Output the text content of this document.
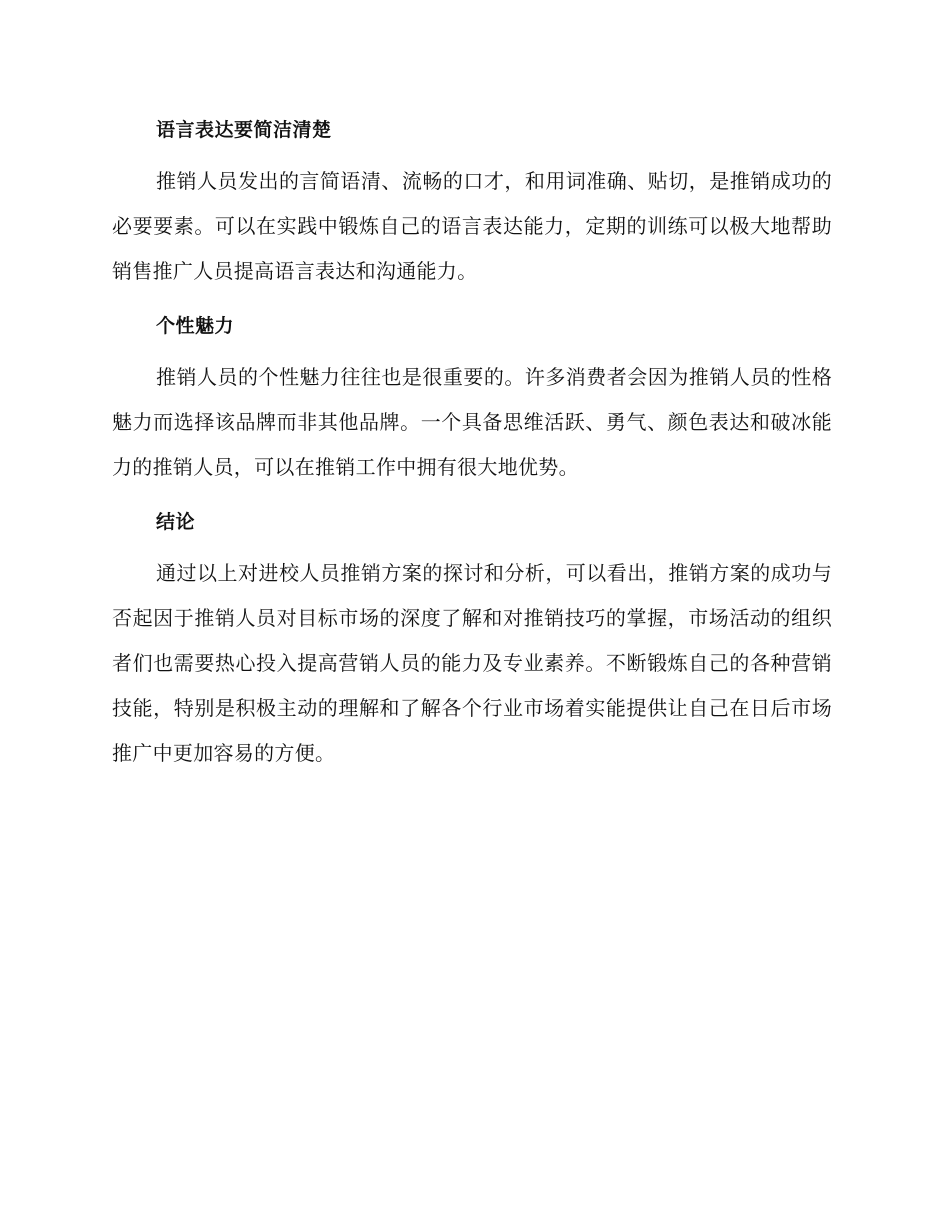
语言表达要简洁清楚

推销人员发出的言简语清、流畅的口才，和用词准确、贴切，是推销成功的必要要素。可以在实践中锻炼自己的语言表达能力，定期的训练可以极大地帮助销售推广人员提高语言表达和沟通能力。

个性魅力

推销人员的个性魅力往往也是很重要的。许多消费者会因为推销人员的性格魅力而选择该品牌而非其他品牌。一个具备思维活跃、勇气、颜色表达和破冰能力的推销人员，可以在推销工作中拥有很大地优势。

结论

通过以上对进校人员推销方案的探讨和分析，可以看出，推销方案的成功与否起因于推销人员对目标市场的深度了解和对推销技巧的掌握，市场活动的组织者们也需要热心投入提高营销人员的能力及专业素养。不断锻炼自己的各种营销技能，特别是积极主动的理解和了解各个行业市场着实能提供让自己在日后市场推广中更加容易的方便。
